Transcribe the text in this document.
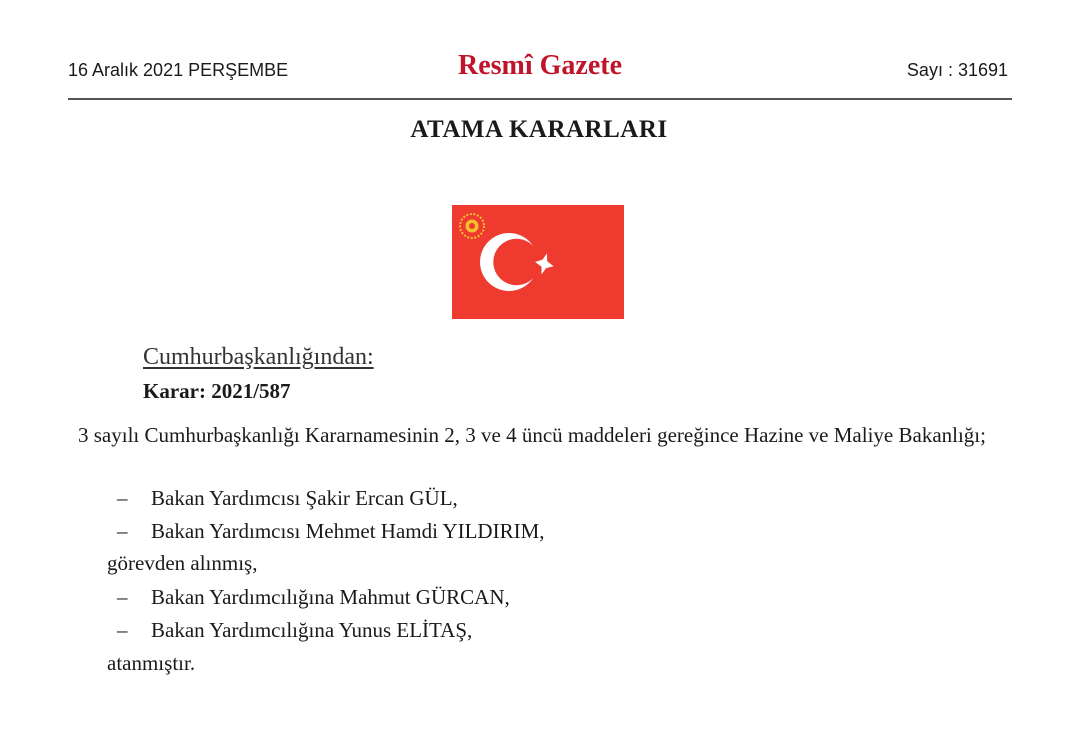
16 Aralık 2021 PERŞEMBE	Resmî Gazete	Sayı : 31691
ATAMA KARARLARI
Cumhurbaşkanlığından:
Karar: 2021/587
3 sayılı Cumhurbaşkanlığı Kararnamesinin 2, 3 ve 4 üncü maddeleri gereğince Hazine ve Maliye Bakanlığı;
– Bakan Yardımcısı Şakir Ercan GÜL,
– Bakan Yardımcısı Mehmet Hamdi YILDIRIM,
görevden alınmış,
– Bakan Yardımcılığına Mahmut GÜRCAN,
– Bakan Yardımcılığına Yunus ELİTAŞ,
atanmıştır.
